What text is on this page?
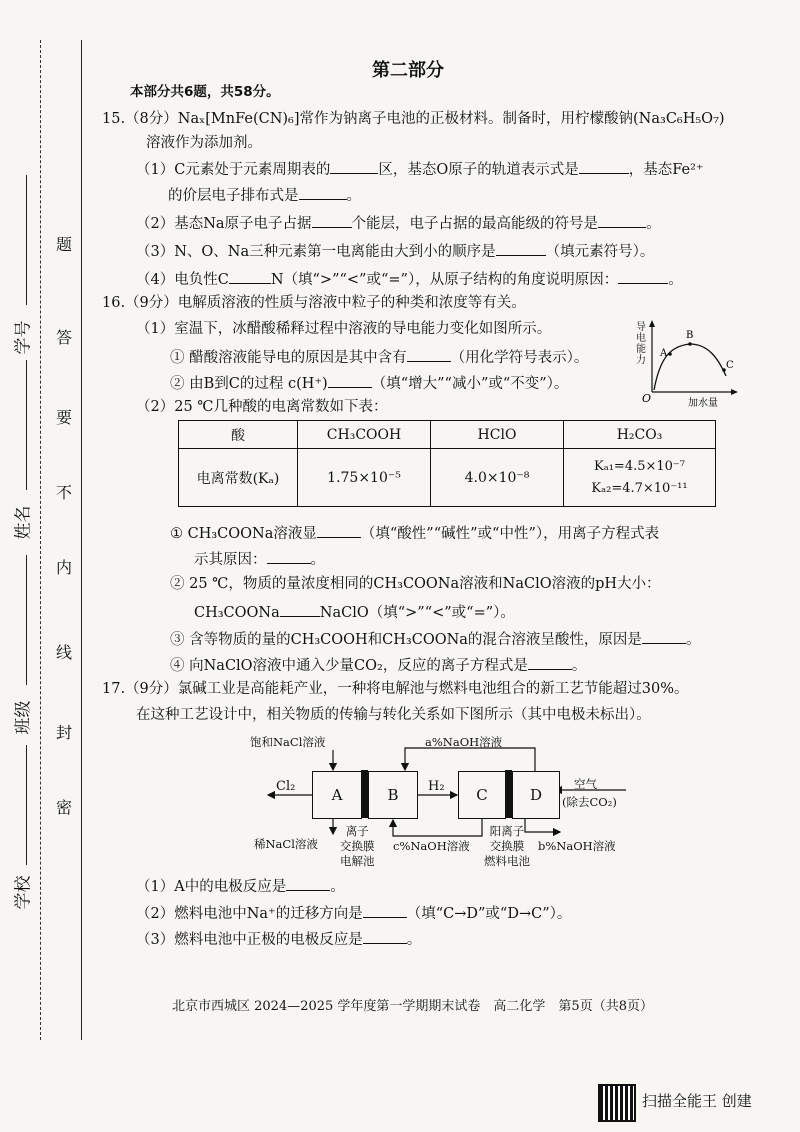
题
答
要
不
内
线
封
密
学号
姓名
班级
学校
第二部分
本部分共6题，共58分。
15.（8分）Naₓ[MnFe(CN)₆]常作为钠离子电池的正极材料。制备时，用柠檬酸钠(Na₃C₆H₅O₇)
溶液作为添加剂。
（1）C元素处于元素周期表的	区，基态O原子的轨道表示式是	，基态Fe²⁺
的价层电子排布式是	。
（2）基态Na原子电子占据	个能层，电子占据的最高能级的符号是	。
（3）N、O、Na三种元素第一电离能由大到小的顺序是	（填元素符号）。
（4）电负性C	N（填“>”“<”或“=”），从原子结构的角度说明原因：	。
16.（9分）电解质溶液的性质与溶液中粒子的种类和浓度等有关。
（1）室温下，冰醋酸稀释过程中溶液的导电能力变化如图所示。
① 醋酸溶液能导电的原因是其中含有	（用化学符号表示）。
② 由B到C的过程 c(H⁺)	（填“增大”“减小”或“不变”）。
A
B
C
O	加水量
导电能力
（2）25 ℃几种酸的电离常数如下表：
酸	CH₃COOH	HClO	H₂CO₃
电离常数(Kₐ)	1.75×10⁻⁵	4.0×10⁻⁸	Kₐ₁=4.5×10⁻⁷
Kₐ₂=4.7×10⁻¹¹
① CH₃COONa溶液显	（填“酸性”“碱性”或“中性”），用离子方程式表
示其原因：	。
② 25 ℃，物质的量浓度相同的CH₃COONa溶液和NaClO溶液的pH大小：
CH₃COONa	NaClO（填“>”“<”或“=”）。
③ 含等物质的量的CH₃COOH和CH₃COONa的混合溶液呈酸性，原因是	。
④ 向NaClO溶液中通入少量CO₂，反应的离子方程式是	。
17.（9分）氯碱工业是高能耗产业，一种将电解池与燃料电池组合的新工艺节能超过30%。
在这种工艺设计中，相关物质的传输与转化关系如下图所示（其中电极未标出）。
A	B	C	D
饱和NaCl溶液	a%NaOH溶液
Cl₂	H₂	空气
(除去CO₂)
稀NaCl溶液
离子
交换膜
电解池
c%NaOH溶液
阳离子
交换膜
燃料电池
b%NaOH溶液
（1）A中的电极反应是	。
（2）燃料电池中Na⁺的迁移方向是	（填“C→D”或“D→C”）。
（3）燃料电池中正极的电极反应是	。
北京市西城区 2024—2025 学年度第一学期期末试卷　高二化学　第5页（共8页）
扫描全能王 创建
